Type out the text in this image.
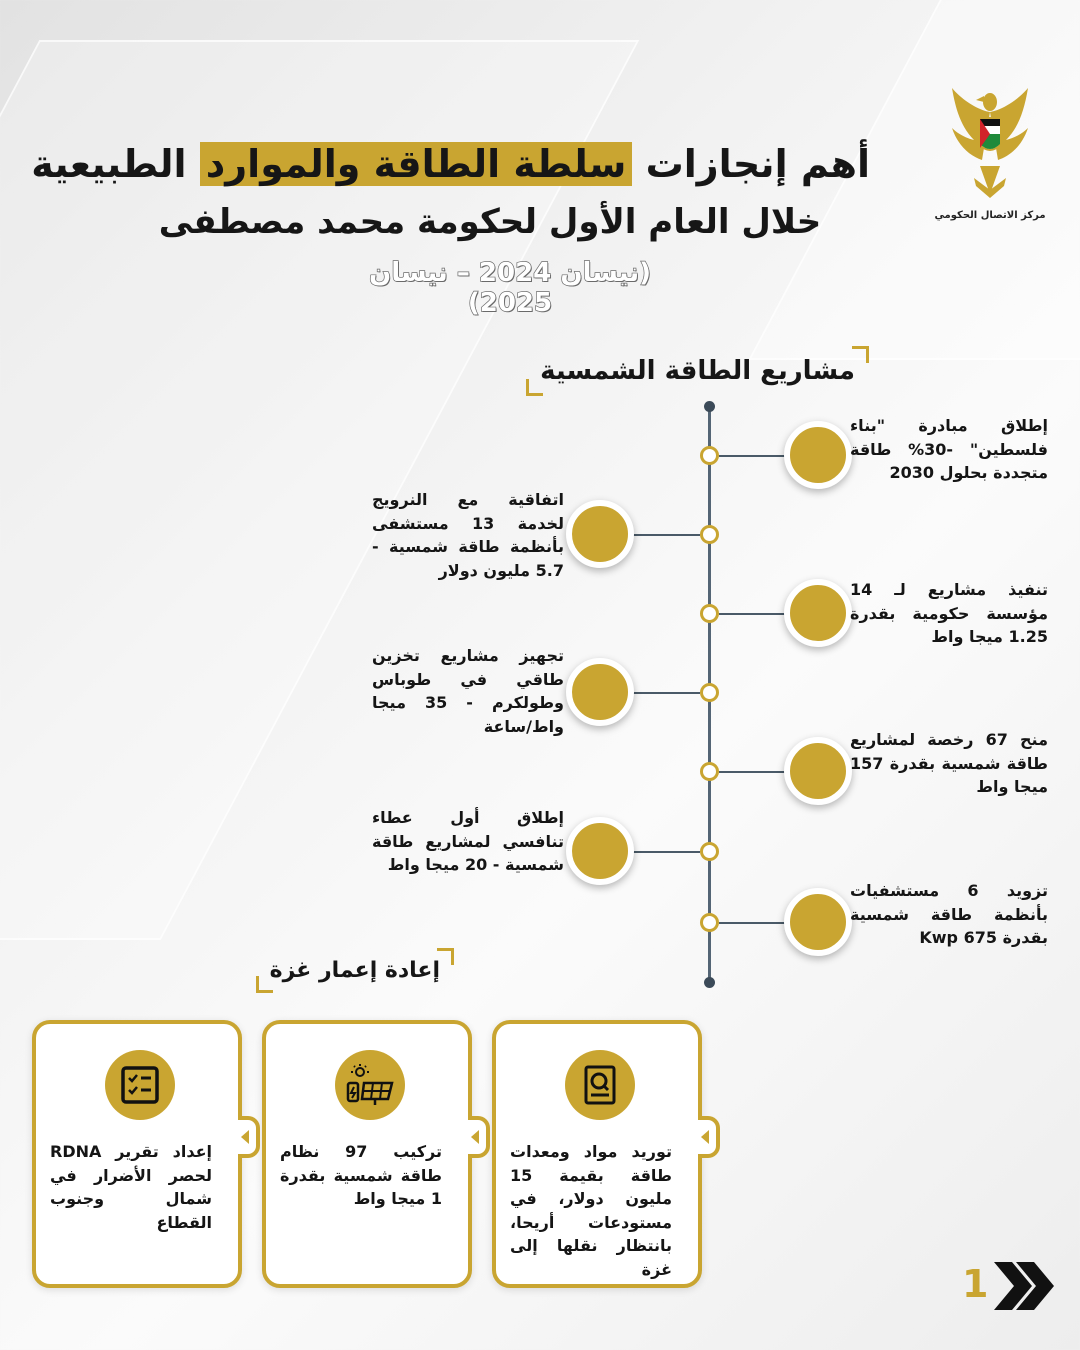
مركز الاتصال الحكومي
أهم إنجازات سلطة الطاقة والموارد الطبيعية
خلال العام الأول لحكومة محمد مصطفى
(نيسان 2024 – نيسان 2025)
مشاريع الطاقة الشمسية
إطلاق مبادرة "بناء فلسطين" -30% طاقة متجددة بحلول 2030
اتفاقية مع النرويج لخدمة 13 مستشفى بأنظمة طاقة شمسية - 5.7 مليون دولار
تنفيذ مشاريع لـ 14 مؤسسة حكومية بقدرة 1.25 ميجا واط
تجهيز مشاريع تخزين طاقي في طوباس وطولكرم - 35 ميجا واط/ساعة
منح 67 رخصة لمشاريع طاقة شمسية بقدرة 157 ميجا واط
إطلاق أول عطاء تنافسي لمشاريع طاقة شمسية - 20 ميجا واط
تزويد 6 مستشفيات بأنظمة طاقة شمسية بقدرة 675 Kwp
إعادة إعمار غزة
توريد مواد ومعدات طاقة بقيمة 15 مليون دولار، في مستودعات أريحا، بانتظار نقلها إلى غزة
تركيب 97 نظام طاقة شمسية بقدرة 1 ميجا واط
إعداد تقرير RDNA لحصر الأضرار في شمال وجنوب القطاع
1
